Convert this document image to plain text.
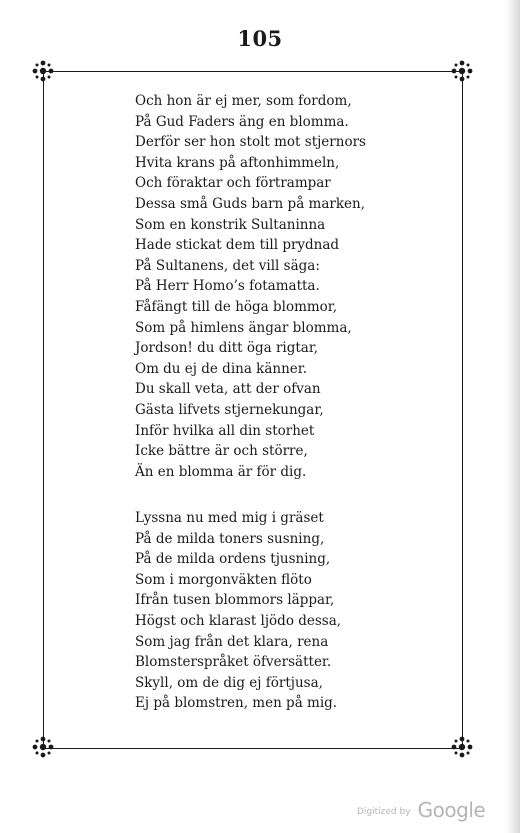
105
Och hon är ej mer, som fordom,
På Gud Faders äng en blomma.
Derför ser hon stolt mot stjernors
Hvita krans på aftonhimmeln,
Och föraktar och förtrampar
Dessa små Guds barn på marken,
Som en konstrik Sultaninna
Hade stickat dem till prydnad
På Sultanens, det vill säga:
På Herr Homo’s fotamatta.
Fåfängt till de höga blommor,
Som på himlens ängar blomma,
Jordson! du ditt öga rigtar,
Om du ej de dina känner.
Du skall veta, att der ofvan
Gästa lifvets stjernekungar,
Inför hvilka all din storhet
Icke bättre är och större,
Än en blomma är för dig.
Lyssna nu med mig i gräset
På de milda toners susning,
På de milda ordens tjusning,
Som i morgonväkten flöto
Ifrån tusen blommors läppar,
Högst och klarast ljödo dessa,
Som jag från det klara, rena
Blomsterspråket öfversätter.
Skyll, om de dig ej förtjusa,
Ej på blomstren, men på mig.
Digitized by Google
